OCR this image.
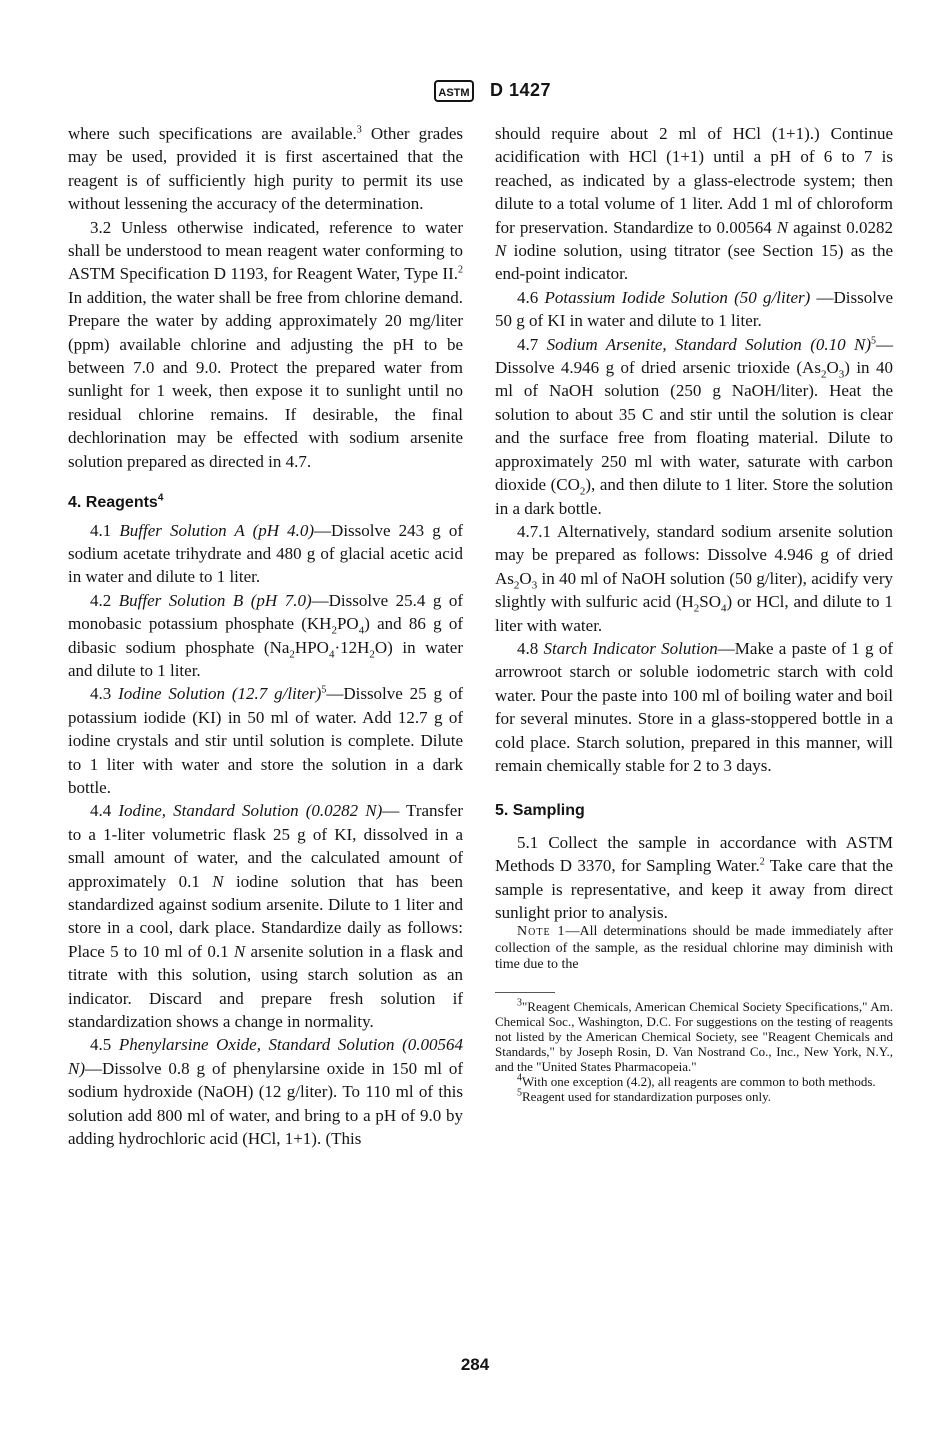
ASTM D 1427

where such specifications are available.$^3$ Other grades may be used, provided it is first ascertained that the reagent is of sufficiently high purity to permit its use without lessening the accuracy of the determination.

3.2 Unless otherwise indicated, reference to water shall be understood to mean reagent water conforming to ASTM Specification D 1193, for Reagent Water, Type II.$^2$ In addition, the water shall be free from chlorine demand. Prepare the water by adding approximately 20 mg/liter (ppm) available chlorine and adjusting the pH to be between 7.0 and 9.0. Protect the prepared water from sunlight for 1 week, then expose it to sunlight until no residual chlorine remains. If desirable, the final dechlorination may be effected with sodium arsenite solution prepared as directed in 4.7.

4. Reagents$^4$

4.1 Buffer Solution A (pH 4.0)—Dissolve 243 g of sodium acetate trihydrate and 480 g of glacial acetic acid in water and dilute to 1 liter.

4.2 Buffer Solution B (pH 7.0)—Dissolve 25.4 g of monobasic potassium phosphate $(KH_2PO_4)$ and 86 g of dibasic sodium phosphate $(Na_2HPO_4\cdot 12H_2O)$ in water and dilute to 1 liter.

4.3 Iodine Solution (12.7 g/liter)$^5$—Dissolve 25 g of potassium iodide (KI) in 50 ml of water. Add 12.7 g of iodine crystals and stir until solution is complete. Dilute to 1 liter with water and store the solution in a dark bottle.

4.4 Iodine, Standard Solution (0.0282 N)— Transfer to a 1-liter volumetric flask 25 g of KI, dissolved in a small amount of water, and the calculated amount of approximately 0.1 N iodine solution that has been standardized against sodium arsenite. Dilute to 1 liter and store in a cool, dark place. Standardize daily as follows: Place 5 to 10 ml of 0.1 N arsenite solution in a flask and titrate with this solution, using starch solution as an indicator. Discard and prepare fresh solution if standardization shows a change in normality.

4.5 Phenylarsine Oxide, Standard Solution (0.00564 N)—Dissolve 0.8 g of phenylarsine oxide in 150 ml of sodium hydroxide (NaOH) (12 g/liter). To 110 ml of this solution add 800 ml of water, and bring to a pH of 9.0 by adding hydrochloric acid (HCl, 1+1). (This

should require about 2 ml of HCl (1+1).) Continue acidification with HCl (1+1) until a pH of 6 to 7 is reached, as indicated by a glass-electrode system; then dilute to a total volume of 1 liter. Add 1 ml of chloroform for preservation. Standardize to 0.00564 N against 0.0282 N iodine solution, using titrator (see Section 15) as the end-point indicator.

4.6 Potassium Iodide Solution (50 g/liter) —Dissolve 50 g of KI in water and dilute to 1 liter.

4.7 Sodium Arsenite, Standard Solution (0.10 N)$^5$—Dissolve 4.946 g of dried arsenic trioxide $(As_2O_3)$ in 40 ml of NaOH solution (250 g NaOH/liter). Heat the solution to about 35 C and stir until the solution is clear and the surface free from floating material. Dilute to approximately 250 ml with water, saturate with carbon dioxide $(CO_2)$, and then dilute to 1 liter. Store the solution in a dark bottle.

4.7.1 Alternatively, standard sodium arsenite solution may be prepared as follows: Dissolve 4.946 g of dried $As_2O_3$ in 40 ml of NaOH solution (50 g/liter), acidify very slightly with sulfuric acid $(H_2SO_4)$ or HCl, and dilute to 1 liter with water.

4.8 Starch Indicator Solution—Make a paste of 1 g of arrowroot starch or soluble iodometric starch with cold water. Pour the paste into 100 ml of boiling water and boil for several minutes. Store in a glass-stoppered bottle in a cold place. Starch solution, prepared in this manner, will remain chemically stable for 2 to 3 days.

5. Sampling

5.1 Collect the sample in accordance with ASTM Methods D 3370, for Sampling Water.$^2$ Take care that the sample is representative, and keep it away from direct sunlight prior to analysis.

Note 1—All determinations should be made immediately after collection of the sample, as the residual chlorine may diminish with time due to the

$^3$"Reagent Chemicals, American Chemical Society Specifications," Am. Chemical Soc., Washington, D.C. For suggestions on the testing of reagents not listed by the American Chemical Society, see "Reagent Chemicals and Standards," by Joseph Rosin, D. Van Nostrand Co., Inc., New York, N.Y., and the "United States Pharmacopeia."

$^4$With one exception (4.2), all reagents are common to both methods.

$^5$Reagent used for standardization purposes only.

284
